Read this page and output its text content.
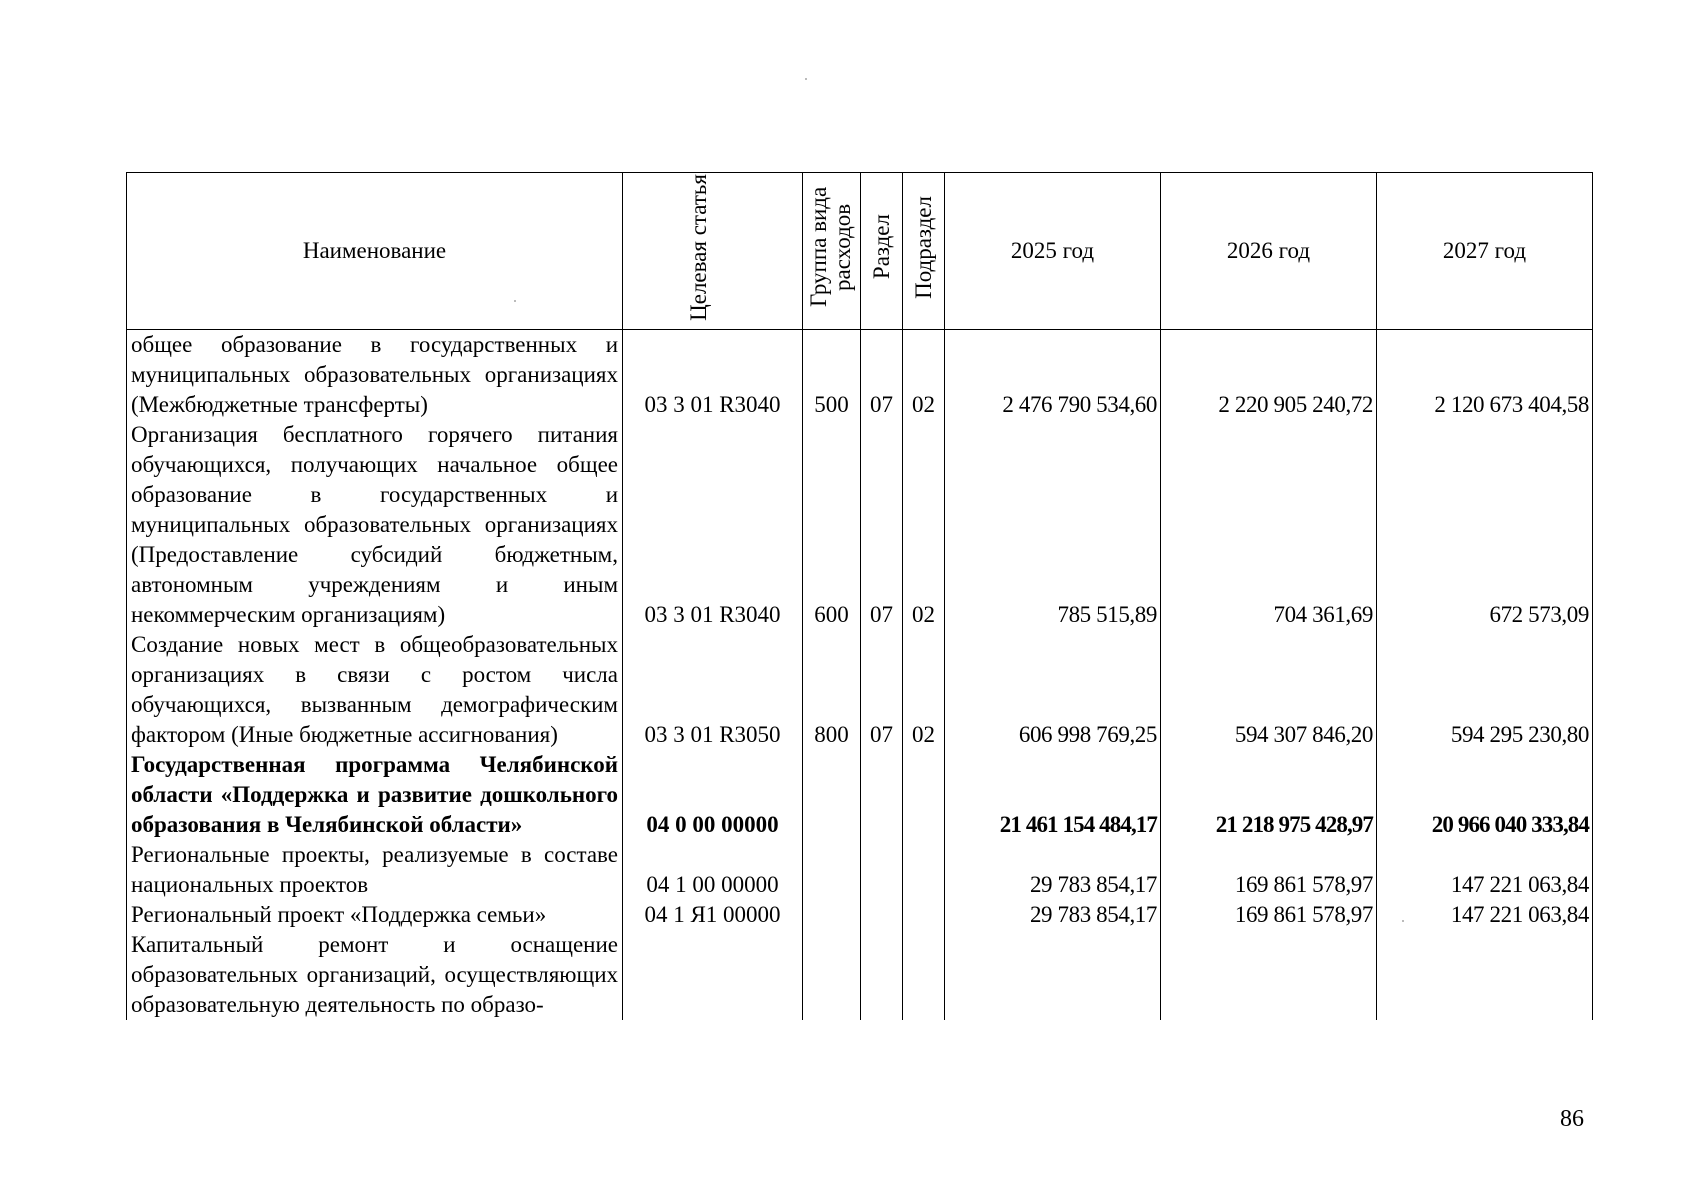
Наименование	Целевая статья	Группа вида расходов	Раздел	Подраздел	2025 год	2026 год	2027 год
общее образование в государственных и муниципальных образовательных организациях (Межбюджетные трансферты)	03 3 01 R3040	500	07	02	2 476 790 534,60	2 220 905 240,72	2 120 673 404,58
Организация бесплатного горячего питания обучающихся, получающих начальное общее образование в государственных и муниципальных образовательных организациях (Предоставление субсидий бюджетным, автономным учреждениям и иным некоммерческим организациям)	03 3 01 R3040	600	07	02	785 515,89	704 361,69	672 573,09
Создание новых мест в общеобразовательных организациях в связи с ростом числа обучающихся, вызванным демографическим фактором (Иные бюджетные ассигнования)	03 3 01 R3050	800	07	02	606 998 769,25	594 307 846,20	594 295 230,80
Государственная программа Челябинской области «Поддержка и развитие дошкольного образования в Челябинской области»	04 0 00 00000				21 461 154 484,17	21 218 975 428,97	20 966 040 333,84
Региональные проекты, реализуемые в составе национальных проектов	04 1 00 00000				29 783 854,17	169 861 578,97	147 221 063,84
Региональный проект «Поддержка семьи»	04 1 Я1 00000				29 783 854,17	169 861 578,97	147 221 063,84
Капитальный ремонт и оснащение образовательных организаций, осуществляющих образовательную деятельность по образо-							
86
